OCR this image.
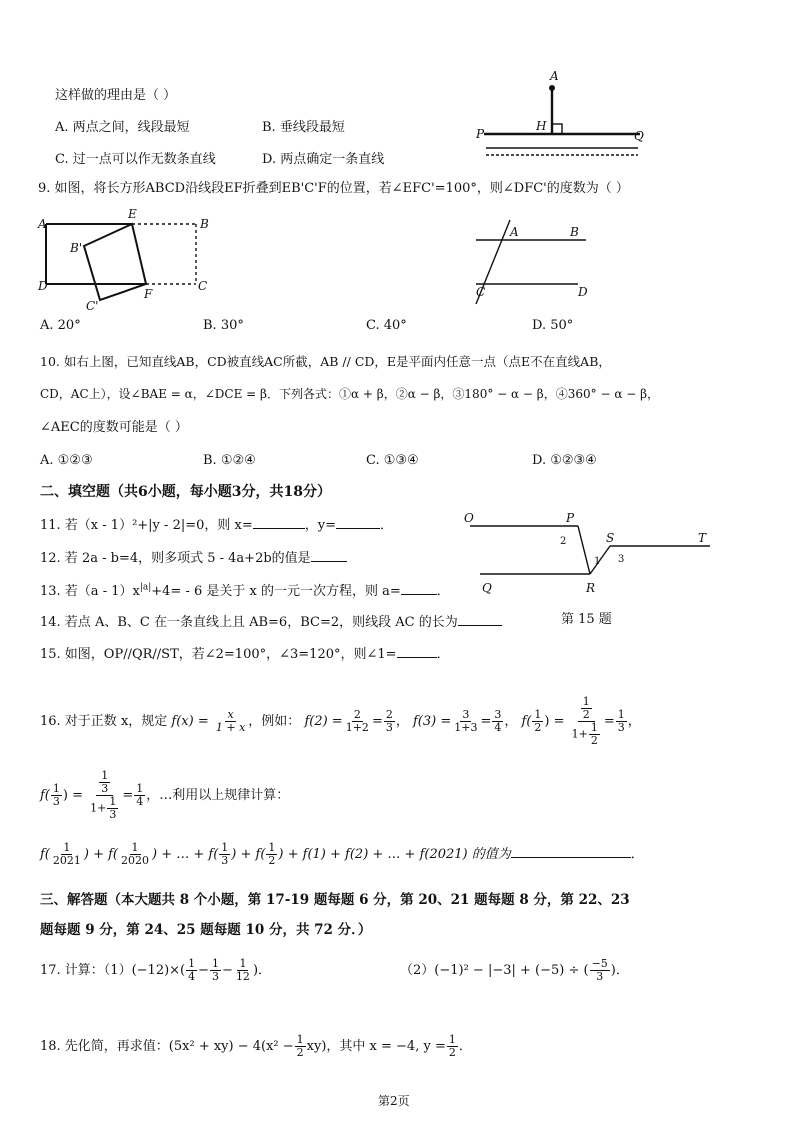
这样做的理由是（ ）
A. 两点之间，线段最短	B. 垂线段最短
C. 过一点可以作无数条直线	D. 两点确定一条直线
A
H
P	Q
9. 如图，将长方形ABCD沿线段EF折叠到EB'C'F的位置，若∠EFC'=100°，则∠DFC'的度数为（ ）
A
E
B
B'
D
C'
F
C
A	B
C	D
A. 20°	B. 30°	C. 40°	D. 50°
10. 如右上图，已知直线AB，CD被直线AC所截，AB // CD，E是平面内任意一点（点E不在直线AB，
CD，AC上），设∠BAE = α，∠DCE = β．下列各式：①α + β，②α − β，③180° − α − β，④360° − α − β，
∠AEC的度数可能是（ ）
A. ①②③	B. ①②④	C. ①③④	D. ①②③④
二、填空题（共6小题，每小题3分，共18分）
11. 若（x - 1）²+|y - 2|=0，则 x=	，y=	．
12. 若 2a - b=4，则多项式 5 - 4a+2b的值是
13. 若$(a - 1)x^{|a|}+4= - 6$ 是关于 x 的一元一次方程，则 a=	．
14. 若点 A、B、C 在一条直线上且 AB=6，BC=2，则线段 AC 的长为
15. 如图，OP//QR//ST，若∠2=100°，∠3=120°，则∠1=	．
O	P
2
1
S
3
T
Q	R
第 15 题
16. 对于正数 x，规定 $f(x) = \frac{x}{1 + x}$ ，例如： $f(2) = \frac{2}{1+2} = \frac{2}{3}$ ， $f(3) = \frac{3}{1+3} = \frac{3}{4}$ ， $f( \frac{1}{2}$ ) = $\frac{\frac{1}{2}}{1+ \frac{1}{2}} = \frac{1}{3}$ ，
$f( \frac{1}{3}$ ) = $\frac{\frac{1}{3}}{1+ \frac{1}{3}} = \frac{1}{4}$ ，…利用以上规律计算：
$f( \frac{1}{2021}$ ) + $f( \frac{1}{2020}$ ) + … + $f( \frac{1}{3}$ ) + $f( \frac{1}{2}$ ) + f(1) + f(2) + … + f(2021) 的值为	．
三、解答题（本大题共 8 个小题，第 17-19 题每题 6 分，第 20、21 题每题 8 分，第 22、23
题每题 9 分，第 24、25 题每题 10 分，共 72 分．）
17. 计算：$(1)(-12)\times( \frac{1}{4} - \frac{1}{3} - \frac{1}{12}$ )．	（2）(−1)² − |−3| + (−5) ÷ ( $\frac{-5}{3}$ )．
18. 先化简，再求值：$(5x^2 + xy) - 4(x^2 - \frac{1}{2} xy)$，其中 x = −4, $y = \frac{1}{2}$ ．
第2页
